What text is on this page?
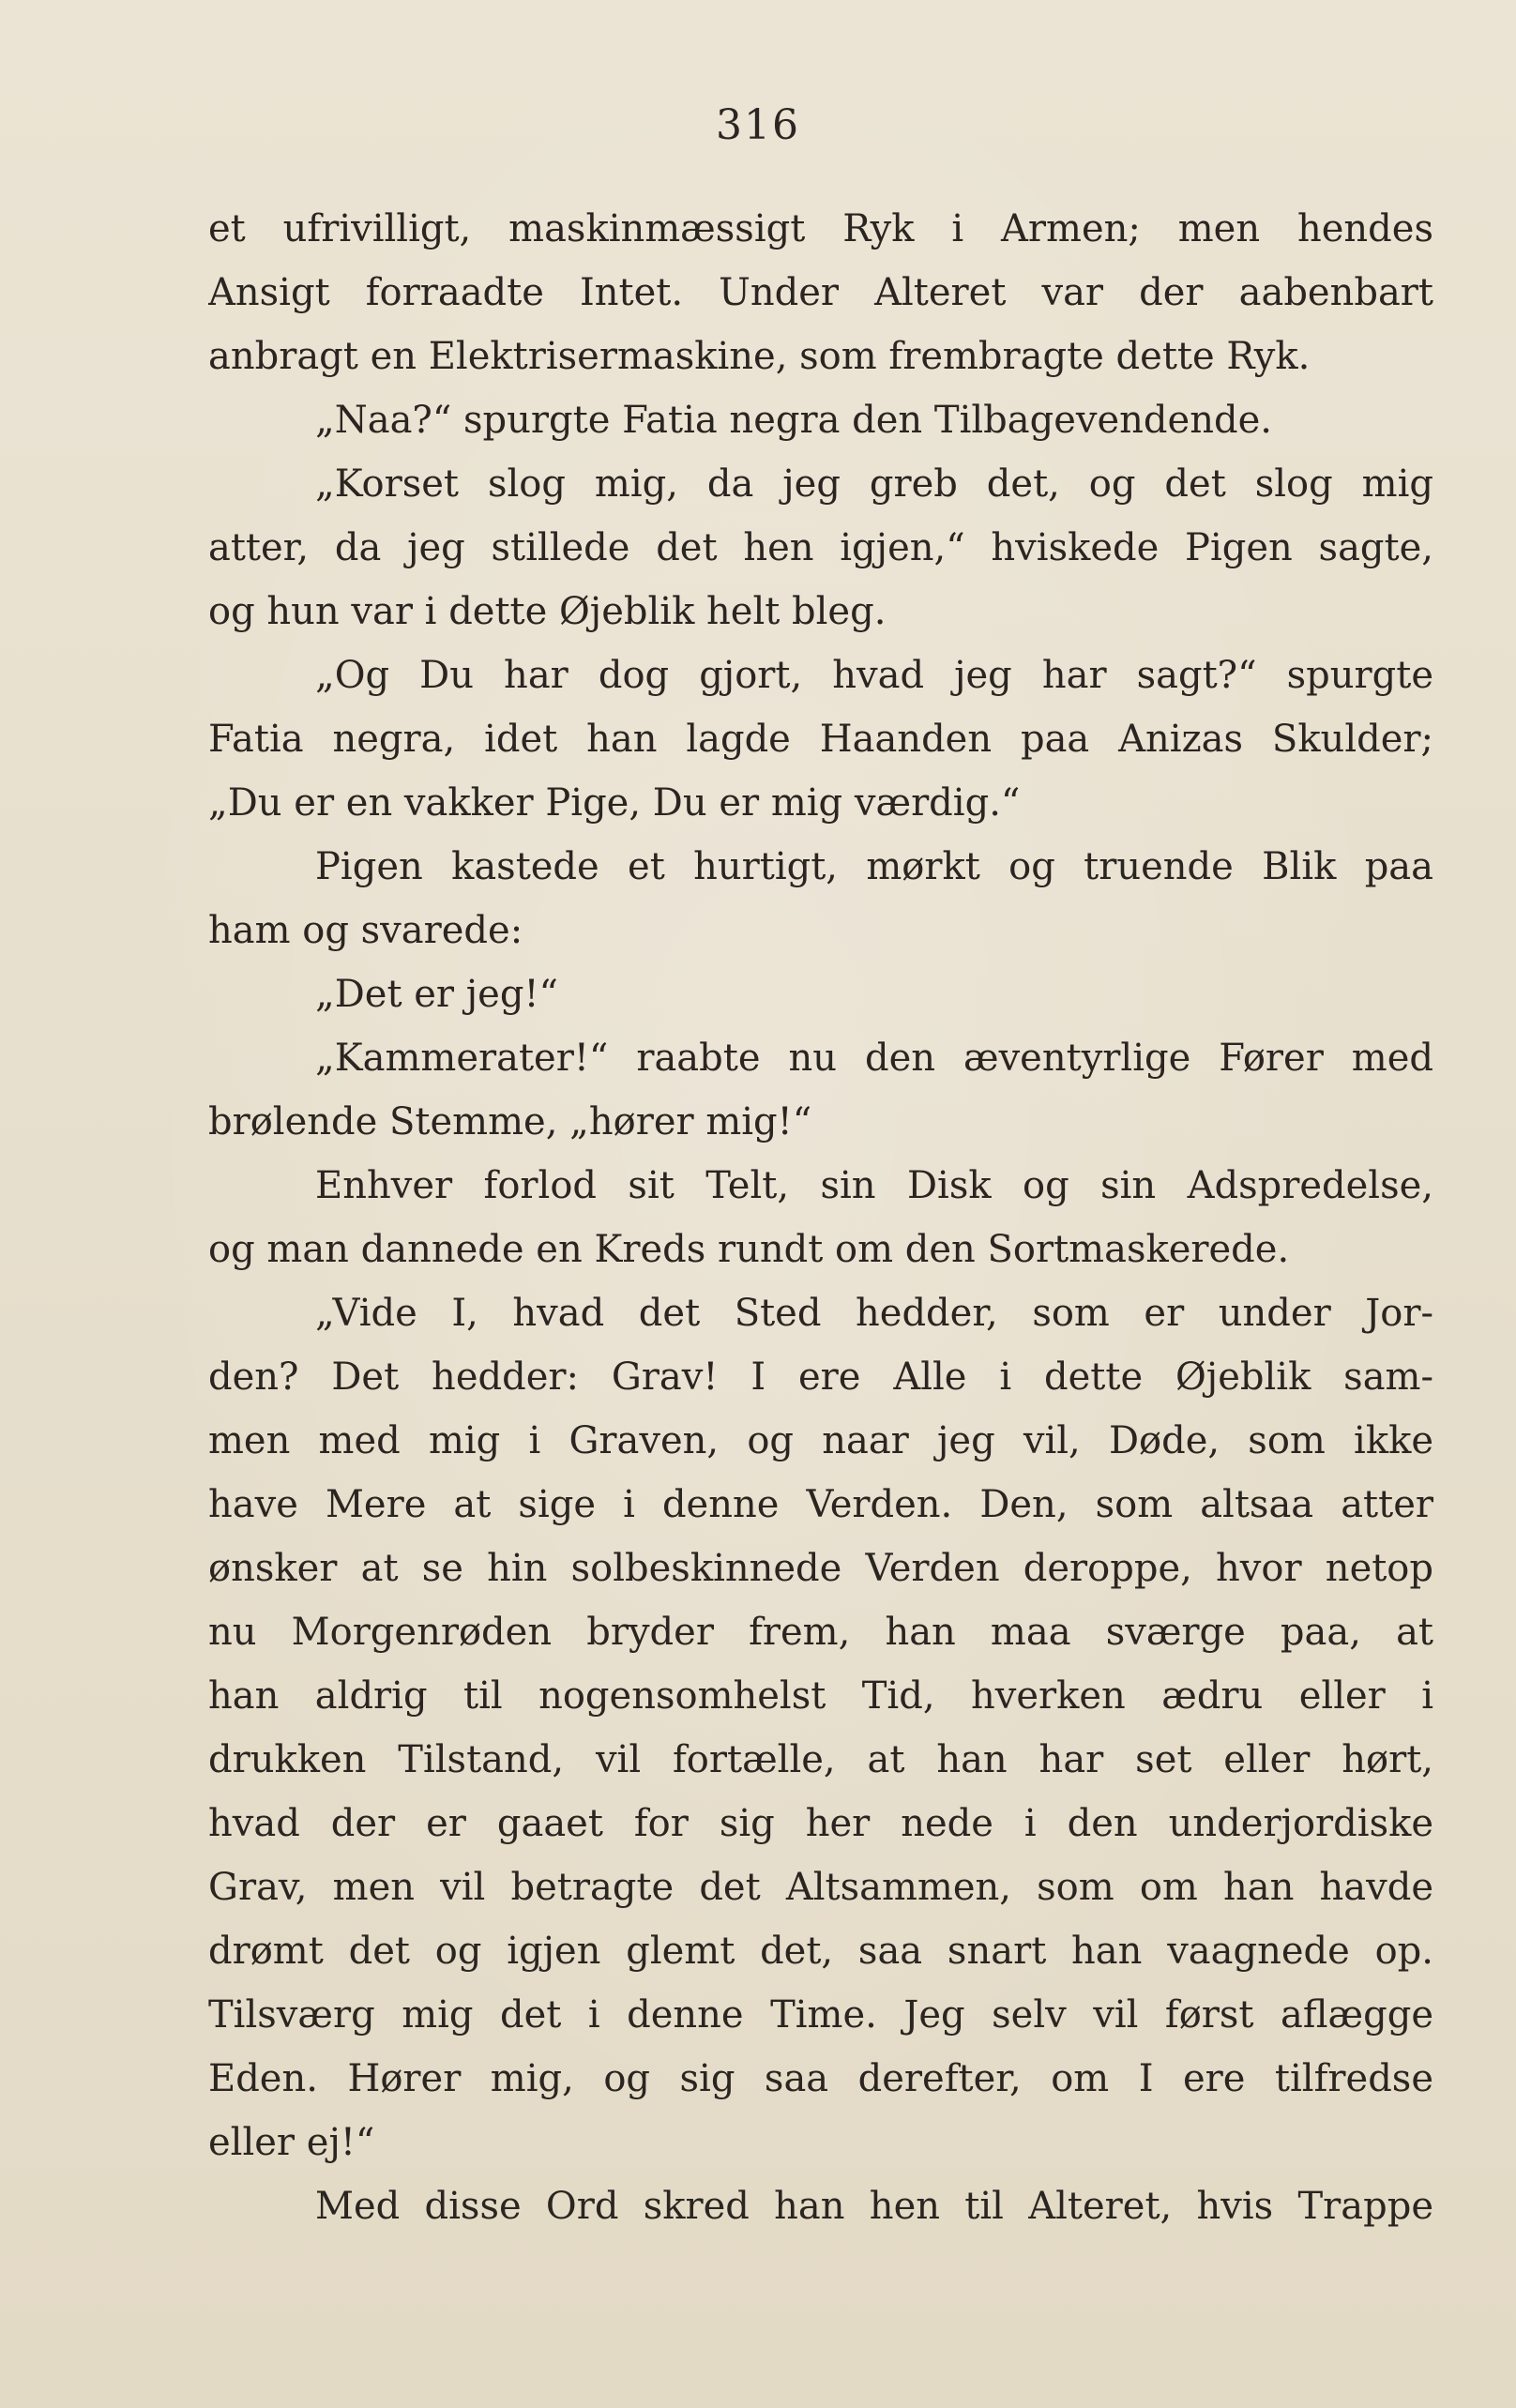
316
et ufrivilligt, maskinmæssigt Ryk i Armen; men hendes
Ansigt forraadte Intet. Under Alteret var der aabenbart
anbragt en Elektrisermaskine, som frembragte dette Ryk.
„Naa?“ spurgte Fatia negra den Tilbagevendende.
„Korset slog mig, da jeg greb det, og det slog mig
atter, da jeg stillede det hen igjen,“ hviskede Pigen sagte,
og hun var i dette Øjeblik helt bleg.
„Og Du har dog gjort, hvad jeg har sagt?“ spurgte
Fatia negra, idet han lagde Haanden paa Anizas Skulder;
„Du er en vakker Pige, Du er mig værdig.“
Pigen kastede et hurtigt, mørkt og truende Blik paa
ham og svarede:
„Det er jeg!“
„Kammerater!“ raabte nu den æventyrlige Fører med
brølende Stemme, „hører mig!“
Enhver forlod sit Telt, sin Disk og sin Adspredelse,
og man dannede en Kreds rundt om den Sortmaskerede.
„Vide I, hvad det Sted hedder, som er under Jor-
den? Det hedder: Grav! I ere Alle i dette Øjeblik sam-
men med mig i Graven, og naar jeg vil, Døde, som ikke
have Mere at sige i denne Verden. Den, som altsaa atter
ønsker at se hin solbeskinnede Verden deroppe, hvor netop
nu Morgenrøden bryder frem, han maa sværge paa, at
han aldrig til nogensomhelst Tid, hverken ædru eller i
drukken Tilstand, vil fortælle, at han har set eller hørt,
hvad der er gaaet for sig her nede i den underjordiske
Grav, men vil betragte det Altsammen, som om han havde
drømt det og igjen glemt det, saa snart han vaagnede op.
Tilsværg mig det i denne Time. Jeg selv vil først aflægge
Eden. Hører mig, og sig saa derefter, om I ere tilfredse
eller ej!“
Med disse Ord skred han hen til Alteret, hvis Trappe
